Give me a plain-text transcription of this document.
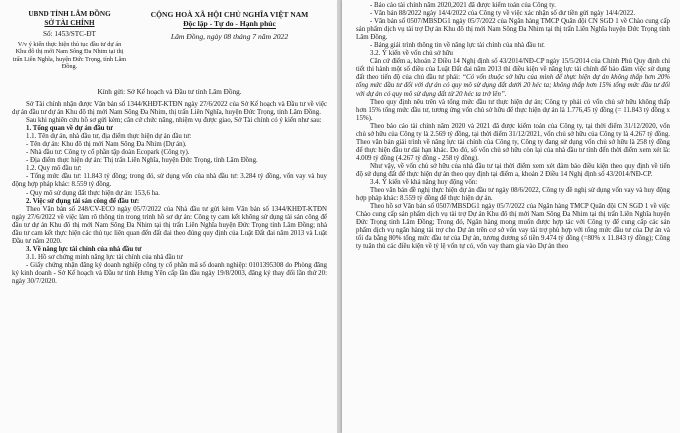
UBND TỈNH LÂM ĐỒNG
SỞ TÀI CHÍNH
Số: 1453/STC-ĐT
V/v ý kiến thực hiện thủ tục đầu tư dự án Khu đô thị mới Nam Sông Đa Nhim tại thị trấn Liên Nghĩa, huyện Đức Trọng, tỉnh Lâm Đồng.
CỘNG HOÀ XÃ HỘI CHỦ NGHĨA VIỆT NAM
Độc lập - Tự do - Hạnh phúc
Lâm Đồng, ngày 08 tháng 7 năm 2022
Kính gửi: Sở Kế hoạch và Đầu tư tỉnh Lâm Đồng.

Sở Tài chính nhận được Văn bản số 1344/KHĐT-KTĐN ngày 27/6/2022 của Sở Kế hoạch và Đầu tư về việc dự án đầu tư dự án Khu đô thị mới Nam Sông Đa Nhim, thị trấn Liên Nghĩa, huyện Đức Trọng, tỉnh Lâm Đồng.

Sau khi nghiên cứu hồ sơ gửi kèm; căn cứ chức năng, nhiệm vụ được giao, Sở Tài chính có ý kiến như sau:

1. Tổng quan về dự án đầu tư

1.1. Tên dự án, nhà đầu tư, địa điểm thực hiện dự án đầu tư:

- Tên dự án: Khu đô thị mới Nam Sông Đa Nhim (Dự án).

- Nhà đầu tư: Công ty cổ phần tập đoàn Ecopark (Công ty).

- Địa điểm thực hiện dự án: Thị trấn Liên Nghĩa, huyện Đức Trọng, tỉnh Lâm Đồng.

1.2. Quy mô đầu tư:

- Tổng mức đầu tư: 11.843 tỷ đồng; trong đó, sử dụng vốn của nhà đầu tư: 3.284 tỷ đồng, vốn vay và huy động hợp pháp khác: 8.559 tỷ đồng.

- Quy mô sử dụng đất thực hiện dự án: 153,6 ha.

2. Việc sử dụng tài sản công để đầu tư:

Theo Văn bản số 248/CV-ECO ngày 05/7/2022 của Nhà đầu tư gửi kèm Văn bản số 1344/KHĐT-KTĐN ngày 27/6/2022 về việc làm rõ thông tin trong trình hồ sơ dự án: Công ty cam kết không sử dụng tài sản công để đầu tư dự án Khu đô thị mới Nam Sông Đa Nhim tại thị trấn Liên Nghĩa huyện Đức Trọng tỉnh Lâm Đồng; nhà đầu tư cam kết thực hiện các thủ tục liên quan đến đất đai theo đúng quy định của Luật Đất đai năm 2013 và Luật Đầu tư năm 2020.

3. Về năng lực tài chính của nhà đầu tư

3.1. Hồ sơ chứng minh năng lực tài chính của nhà đầu tư

- Giấy chứng nhận đăng ký doanh nghiệp công ty cổ phần mã số doanh nghiệp: 0101395308 do Phòng đăng ký kinh doanh - Sở Kế hoạch và Đầu tư tỉnh Hưng Yên cấp lần đầu ngày 19/8/2003, đăng ký thay đổi lần thứ 20: ngày 30/7/2020.

- Báo cáo tài chính năm 2020,2021 đã được kiểm toán của Công ty.

- Văn bản 88/2022 ngày 14/4/2022 của Công ty về việc xác nhận số dư tiền gửi ngày 14/4/2022.

- Văn bản số 0507/MBSDG1 ngày 05/7/2022 của Ngân hàng TMCP Quân đội CN SGD 1 về Chào cung cấp sản phẩm dịch vụ tài trợ Dự án Khu đô thị mới Nam Sông Đa Nhim tại thị trấn Liên Nghĩa huyện Đức Trọng tỉnh Lâm Đồng.

- Bảng giải trình thông tin về năng lực tài chính của nhà đầu tư.

3.2. Ý kiến về vốn chủ sở hữu

Căn cứ điểm a, khoản 2 Điều 14 Nghị định số 43/2014/NĐ-CP ngày 15/5/2014 của Chính Phủ Quy định chi tiết thi hành một số điều của Luật Đất đai năm 2013 thì điều kiện về năng lực tài chính để bảo đảm việc sử dụng đất theo tiến độ của chủ đầu tư phải: “Có vốn thuộc sở hữu của mình để thực hiện dự án không thấp hơn 20% tổng mức đầu tư đối với dự án có quy mô sử dụng đất dưới 20 héc ta; không thấp hơn 15% tổng mức đầu tư đối với dự án có quy mô sử dụng đất từ 20 héc ta trở lên”.

Theo quy định nêu trên và tổng mức đầu tư thực hiện dự án; Công ty phải có vốn chủ sở hữu không thấp hơn 15% tổng mức đầu tư, tương ứng vốn chủ sở hữu để thực hiện dự án là 1.776,45 tỷ đồng (= 11.843 tỷ đồng x 15%).

Theo báo cáo tài chính năm 2020 và 2021 đã được kiểm toán của Công ty, tại thời điểm 31/12/2020, vốn chủ sở hữu của Công ty là 2.569 tỷ đồng, tại thời điểm 31/12/2021, vốn chủ sở hữu của Công ty là 4.267 tỷ đồng. Theo văn bản giải trình về năng lực tài chính của Công ty, Công ty đang sử dụng vốn chủ sở hữu là 258 tỷ đồng để thực hiện đầu tư dài hạn khác. Do đó, số vốn chủ sở hữu còn lại của nhà đầu tư tính đến thời điểm xem xét là: 4.009 tỷ đồng (4.267 tỷ đồng - 258 tỷ đồng).

Như vậy, về vốn chủ sở hữu của nhà đầu tư tại thời điểm xem xét đảm bảo điều kiện theo quy định về tiến độ sử dụng đất để thực hiện dự án theo quy định tại điểm a, khoản 2 Điều 14 Nghị định số 43/2014/NĐ-CP.

3.4. Ý kiến về khả năng huy động vốn:

Theo văn bản đề nghị thực hiện dự án đầu tư ngày 08/6/2022, Công ty đề nghị sử dụng vốn vay và huy động hợp pháp khác: 8.559 tỷ đồng để thực hiện dự án.

Theo hồ sơ Văn bản số 0507/MBSDG1 ngày 05/7/2022 của Ngân hàng TMCP Quân đội CN SGD 1 về việc Chào cung cấp sản phẩm dịch vụ tài trợ Dự án Khu đô thị mới Nam Sông Đa Nhim tại thị trấn Liên Nghĩa huyện Đức Trọng tỉnh Lâm Đồng; Trong đó, Ngân hàng mong muốn được hợp tác với Công ty để cung cấp các sản phẩm dịch vụ ngân hàng tài trợ cho Dự án trên cơ sở vốn vay tài trợ phù hợp với tổng mức đầu tư của Dự án và tối đa bằng 80% tổng mức đầu tư của Dự án, tương đương số tiền 9.474 tỷ đồng (=80% x 11.843 tỷ đồng); Công ty tuân thủ các điều kiện về tỷ lệ vốn tự có, vốn vay tham gia vào Dự án theo
